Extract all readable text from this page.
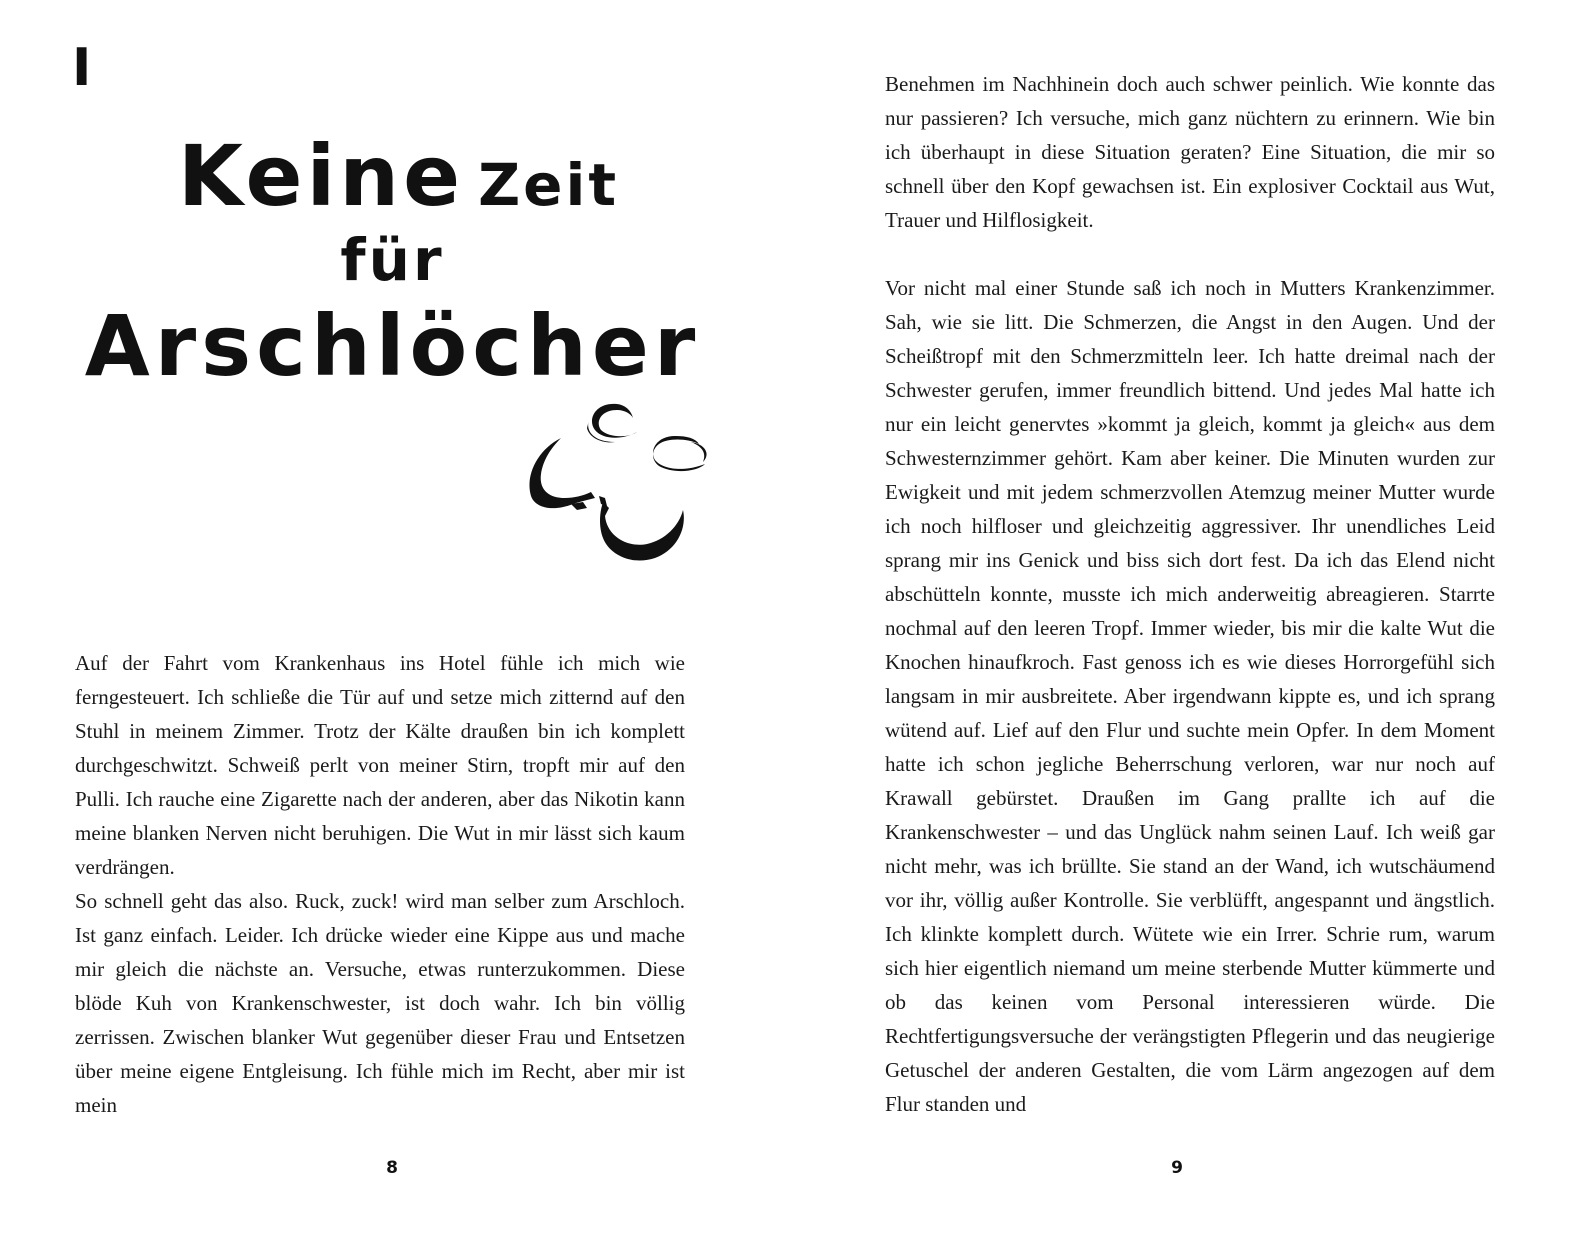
I
Keine Zeit
für
Arschlöcher

Auf der Fahrt vom Krankenhaus ins Hotel fühle ich mich wie ferngesteuert. Ich schließe die Tür auf und setze mich zitternd auf den Stuhl in meinem Zimmer. Trotz der Kälte draußen bin ich komplett durchgeschwitzt. Schweiß perlt von meiner Stirn, tropft mir auf den Pulli. Ich rauche eine Zigarette nach der anderen, aber das Nikotin kann meine blanken Nerven nicht beruhigen. Die Wut in mir lässt sich kaum verdrängen.

So schnell geht das also. Ruck, zuck! wird man selber zum Arschloch. Ist ganz einfach. Leider. Ich drücke wieder eine Kippe aus und mache mir gleich die nächste an. Versuche, etwas runterzukommen. Diese blöde Kuh von Krankenschwester, ist doch wahr. Ich bin völlig zerrissen. Zwischen blanker Wut gegenüber dieser Frau und Entsetzen über meine eigene Entgleisung. Ich fühle mich im Recht, aber mir ist mein

8

Benehmen im Nachhinein doch auch schwer peinlich. Wie konnte das nur passieren? Ich versuche, mich ganz nüchtern zu erinnern. Wie bin ich überhaupt in diese Situation geraten? Eine Situation, die mir so schnell über den Kopf gewachsen ist. Ein explosiver Cocktail aus Wut, Trauer und Hilflosigkeit.

Vor nicht mal einer Stunde saß ich noch in Mutters Krankenzimmer. Sah, wie sie litt. Die Schmerzen, die Angst in den Augen. Und der Scheißtropf mit den Schmerzmitteln leer. Ich hatte dreimal nach der Schwester gerufen, immer freundlich bittend. Und jedes Mal hatte ich nur ein leicht genervtes »kommt ja gleich, kommt ja gleich« aus dem Schwesternzimmer gehört. Kam aber keiner. Die Minuten wurden zur Ewigkeit und mit jedem schmerzvollen Atemzug meiner Mutter wurde ich noch hilfloser und gleichzeitig aggressiver. Ihr unendliches Leid sprang mir ins Genick und biss sich dort fest. Da ich das Elend nicht abschütteln konnte, musste ich mich anderweitig abreagieren. Starrte nochmal auf den leeren Tropf. Immer wieder, bis mir die kalte Wut die Knochen hinaufkroch. Fast genoss ich es wie dieses Horrorgefühl sich langsam in mir ausbreitete. Aber irgendwann kippte es, und ich sprang wütend auf. Lief auf den Flur und suchte mein Opfer. In dem Moment hatte ich schon jegliche Beherrschung verloren, war nur noch auf Krawall gebürstet. Draußen im Gang prallte ich auf die Krankenschwester – und das Unglück nahm seinen Lauf. Ich weiß gar nicht mehr, was ich brüllte. Sie stand an der Wand, ich wutschäumend vor ihr, völlig außer Kontrolle. Sie verblüfft, angespannt und ängstlich. Ich klinkte komplett durch. Wütete wie ein Irrer. Schrie rum, warum sich hier eigentlich niemand um meine sterbende Mutter kümmerte und ob das keinen vom Personal interessieren würde. Die Rechtfertigungsversuche der verängstigten Pflegerin und das neugierige Getuschel der anderen Gestalten, die vom Lärm angezogen auf dem Flur standen und

9
